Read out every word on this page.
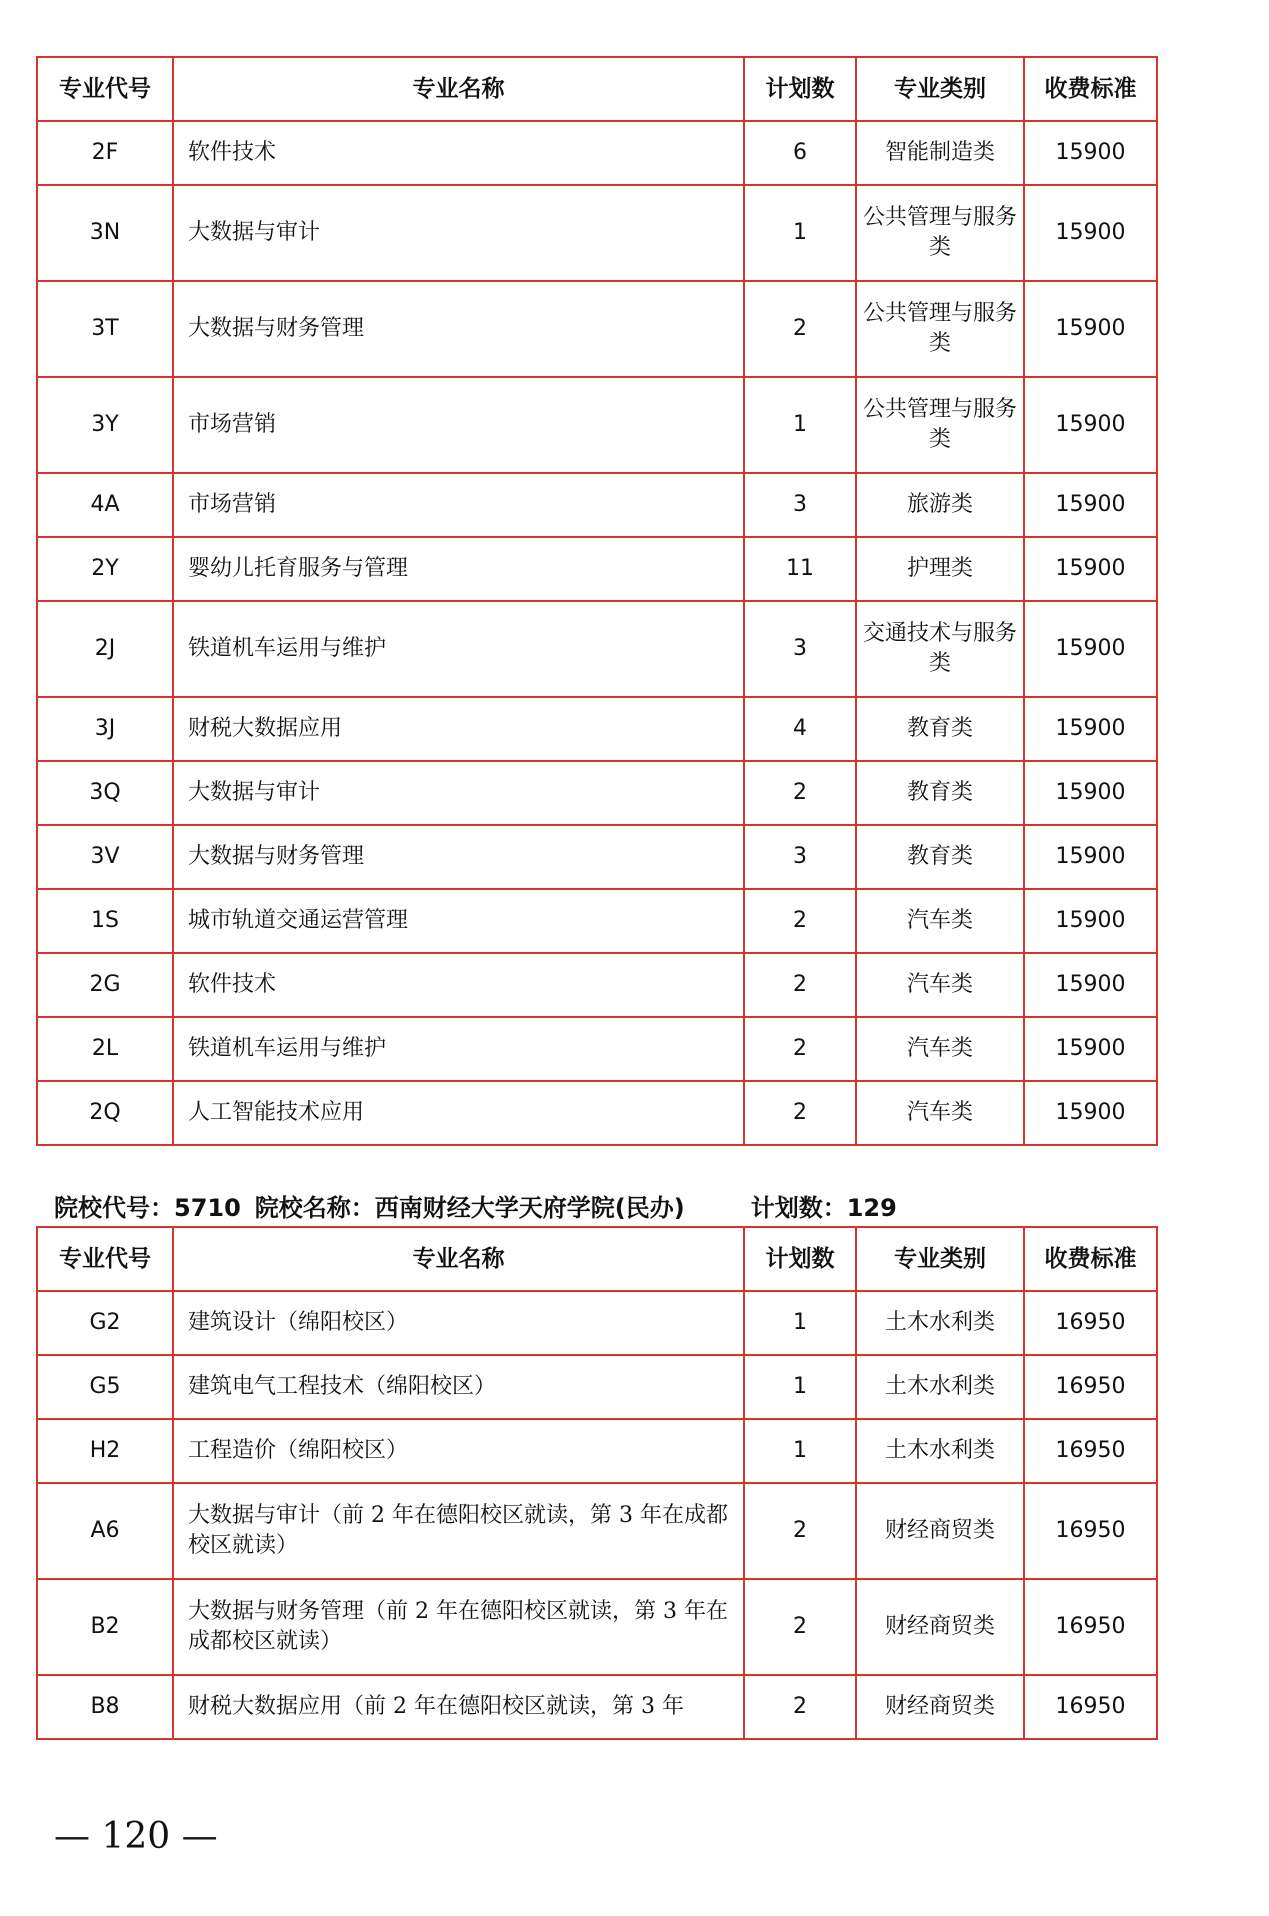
专业代号	专业名称	计划数	专业类别	收费标准
2F	软件技术	6	智能制造类	15900
3N	大数据与审计	1	公共管理与服务类	15900
3T	大数据与财务管理	2	公共管理与服务类	15900
3Y	市场营销	1	公共管理与服务类	15900
4A	市场营销	3	旅游类	15900
2Y	婴幼儿托育服务与管理	11	护理类	15900
2J	铁道机车运用与维护	3	交通技术与服务类	15900
3J	财税大数据应用	4	教育类	15900
3Q	大数据与审计	2	教育类	15900
3V	大数据与财务管理	3	教育类	15900
1S	城市轨道交通运营管理	2	汽车类	15900
2G	软件技术	2	汽车类	15900
2L	铁道机车运用与维护	2	汽车类	15900
2Q	人工智能技术应用	2	汽车类	15900
院校代号：5710 院校名称：西南财经大学天府学院(民办)	计划数：129
专业代号	专业名称	计划数	专业类别	收费标准
G2	建筑设计（绵阳校区）	1	土木水利类	16950
G5	建筑电气工程技术（绵阳校区）	1	土木水利类	16950
H2	工程造价（绵阳校区）	1	土木水利类	16950
A6	大数据与审计（前 2 年在德阳校区就读，第 3 年在成都校区就读）	2	财经商贸类	16950
B2	大数据与财务管理（前 2 年在德阳校区就读，第 3 年在成都校区就读）	2	财经商贸类	16950
B8	财税大数据应用（前 2 年在德阳校区就读，第 3 年	2	财经商贸类	16950
— 120 —
